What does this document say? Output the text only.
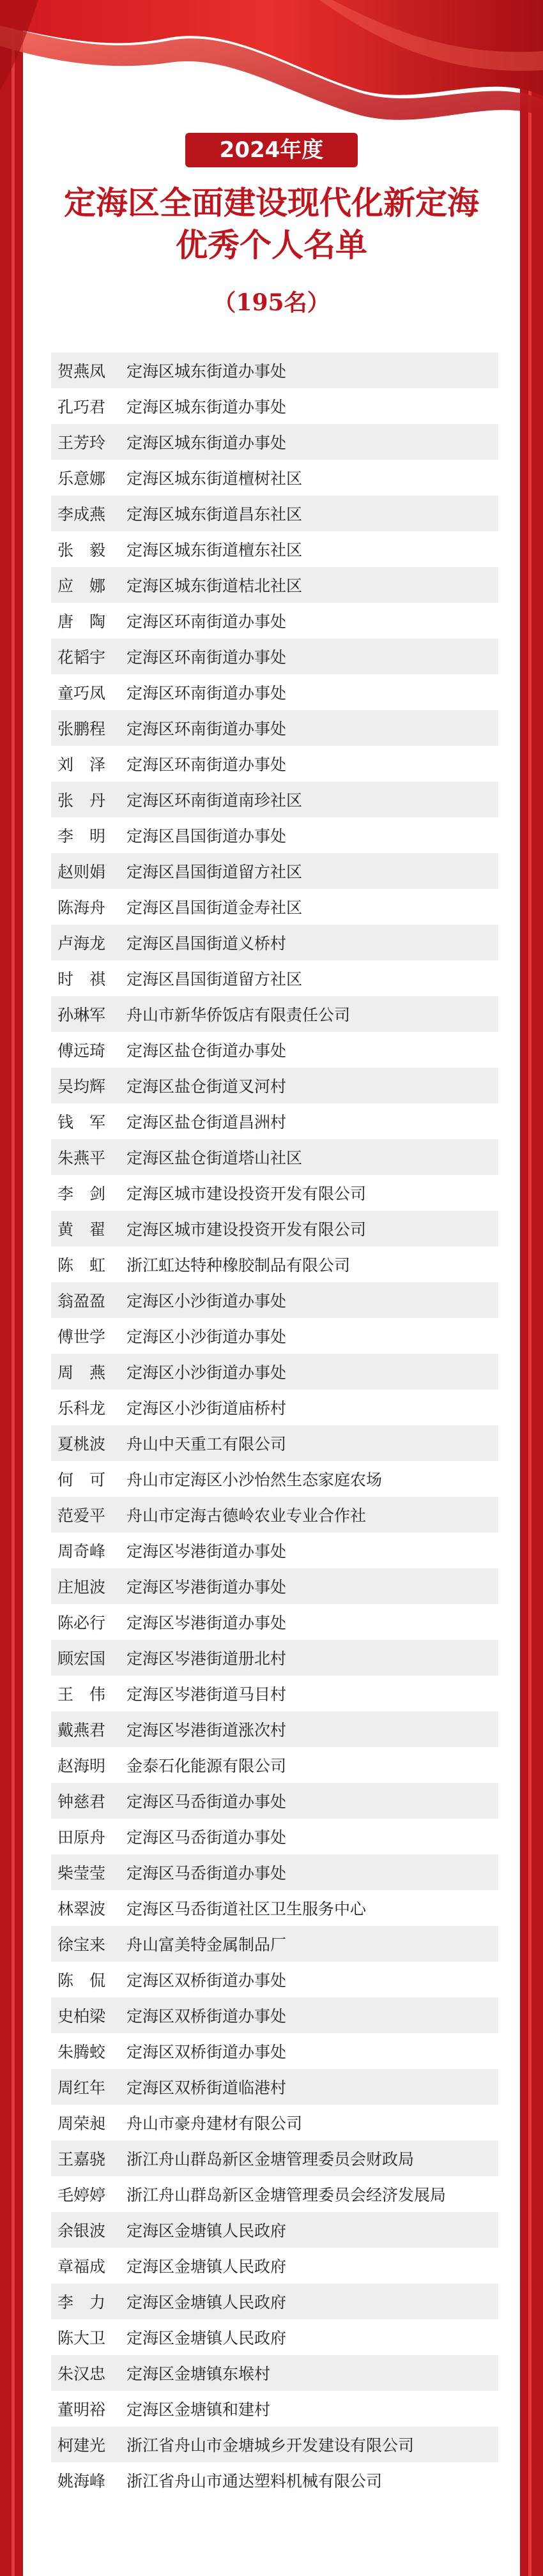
2024年度
定海区全面建设现代化新定海
优秀个人名单
（195名）
贺燕凤	定海区城东街道办事处
孔巧君	定海区城东街道办事处
王芳玲	定海区城东街道办事处
乐意娜	定海区城东街道檀树社区
李成燕	定海区城东街道昌东社区
张　毅	定海区城东街道檀东社区
应　娜	定海区城东街道桔北社区
唐　陶	定海区环南街道办事处
花韬宇	定海区环南街道办事处
童巧凤	定海区环南街道办事处
张鹏程	定海区环南街道办事处
刘　泽	定海区环南街道办事处
张　丹	定海区环南街道南珍社区
李　明	定海区昌国街道办事处
赵则娟	定海区昌国街道留方社区
陈海舟	定海区昌国街道金寿社区
卢海龙	定海区昌国街道义桥村
时　祺	定海区昌国街道留方社区
孙琳军	舟山市新华侨饭店有限责任公司
傅远琦	定海区盐仓街道办事处
吴均辉	定海区盐仓街道叉河村
钱　军	定海区盐仓街道昌洲村
朱燕平	定海区盐仓街道塔山社区
李　剑	定海区城市建设投资开发有限公司
黄　翟	定海区城市建设投资开发有限公司
陈　虹	浙江虹达特种橡胶制品有限公司
翁盈盈	定海区小沙街道办事处
傅世学	定海区小沙街道办事处
周　燕	定海区小沙街道办事处
乐科龙	定海区小沙街道庙桥村
夏桃波	舟山中天重工有限公司
何　可	舟山市定海区小沙怡然生态家庭农场
范爱平	舟山市定海古德岭农业专业合作社
周奇峰	定海区岑港街道办事处
庄旭波	定海区岑港街道办事处
陈必行	定海区岑港街道办事处
顾宏国	定海区岑港街道册北村
王　伟	定海区岑港街道马目村
戴燕君	定海区岑港街道涨次村
赵海明	金泰石化能源有限公司
钟慈君	定海区马岙街道办事处
田原舟	定海区马岙街道办事处
柴莹莹	定海区马岙街道办事处
林翠波	定海区马岙街道社区卫生服务中心
徐宝来	舟山富美特金属制品厂
陈　侃	定海区双桥街道办事处
史柏梁	定海区双桥街道办事处
朱腾蛟	定海区双桥街道办事处
周红年	定海区双桥街道临港村
周荣昶	舟山市豪舟建材有限公司
王嘉骁	浙江舟山群岛新区金塘管理委员会财政局
毛婷婷	浙江舟山群岛新区金塘管理委员会经济发展局
余银波	定海区金塘镇人民政府
章福成	定海区金塘镇人民政府
李　力	定海区金塘镇人民政府
陈大卫	定海区金塘镇人民政府
朱汉忠	定海区金塘镇东堠村
董明裕	定海区金塘镇和建村
柯建光	浙江省舟山市金塘城乡开发建设有限公司
姚海峰	浙江省舟山市通达塑料机械有限公司
